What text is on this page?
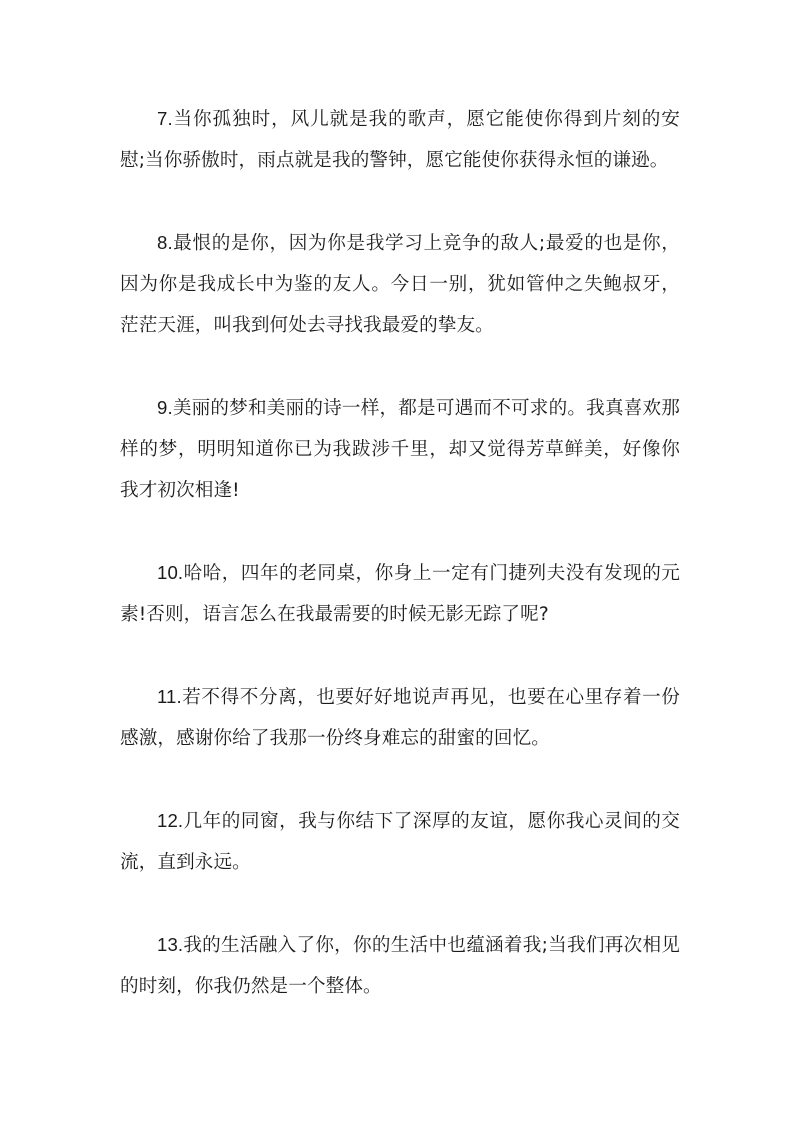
7.当你孤独时，风儿就是我的歌声，愿它能使你得到片刻的安慰;当你骄傲时，雨点就是我的警钟，愿它能使你获得永恒的谦逊。

8.最恨的是你，因为你是我学习上竞争的敌人;最爱的也是你，因为你是我成长中为鉴的友人。今日一别，犹如管仲之失鲍叔牙，茫茫天涯，叫我到何处去寻找我最爱的挚友。

9.美丽的梦和美丽的诗一样，都是可遇而不可求的。我真喜欢那样的梦，明明知道你已为我跋涉千里，却又觉得芳草鲜美，好像你我才初次相逢!

10.哈哈，四年的老同桌，你身上一定有门捷列夫没有发现的元素!否则，语言怎么在我最需要的时候无影无踪了呢?

11.若不得不分离，也要好好地说声再见，也要在心里存着一份感激，感谢你给了我那一份终身难忘的甜蜜的回忆。

12.几年的同窗，我与你结下了深厚的友谊，愿你我心灵间的交流，直到永远。

13.我的生活融入了你，你的生活中也蕴涵着我;当我们再次相见的时刻，你我仍然是一个整体。
